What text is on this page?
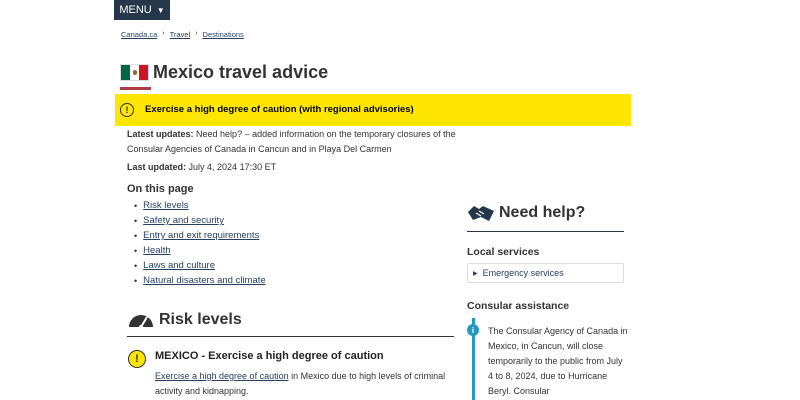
MENU ▼
Canada.ca › Travel › Destinations
Mexico travel advice
!	Exercise a high degree of caution (with regional advisories)

Latest updates: Need help? – added information on the temporary closures of the Consular Agencies of Canada in Cancun and in Playa Del Carmen

Last updated: July 4, 2024 17:30 ET

On this page
• Risk levels
• Safety and security
• Entry and exit requirements
• Health
• Laws and culture
• Natural disasters and climate
Risk levels
!	MEXICO - Exercise a high degree of caution

Exercise a high degree of caution in Mexico due to high levels of criminal activity and kidnapping.

Need help?
Local services
▶ Emergency services
Consular assistance
i	The Consular Agency of Canada in Mexico, in Cancun, will close temporarily to the public from July 4 to 8, 2024, due to Hurricane Beryl. Consular
